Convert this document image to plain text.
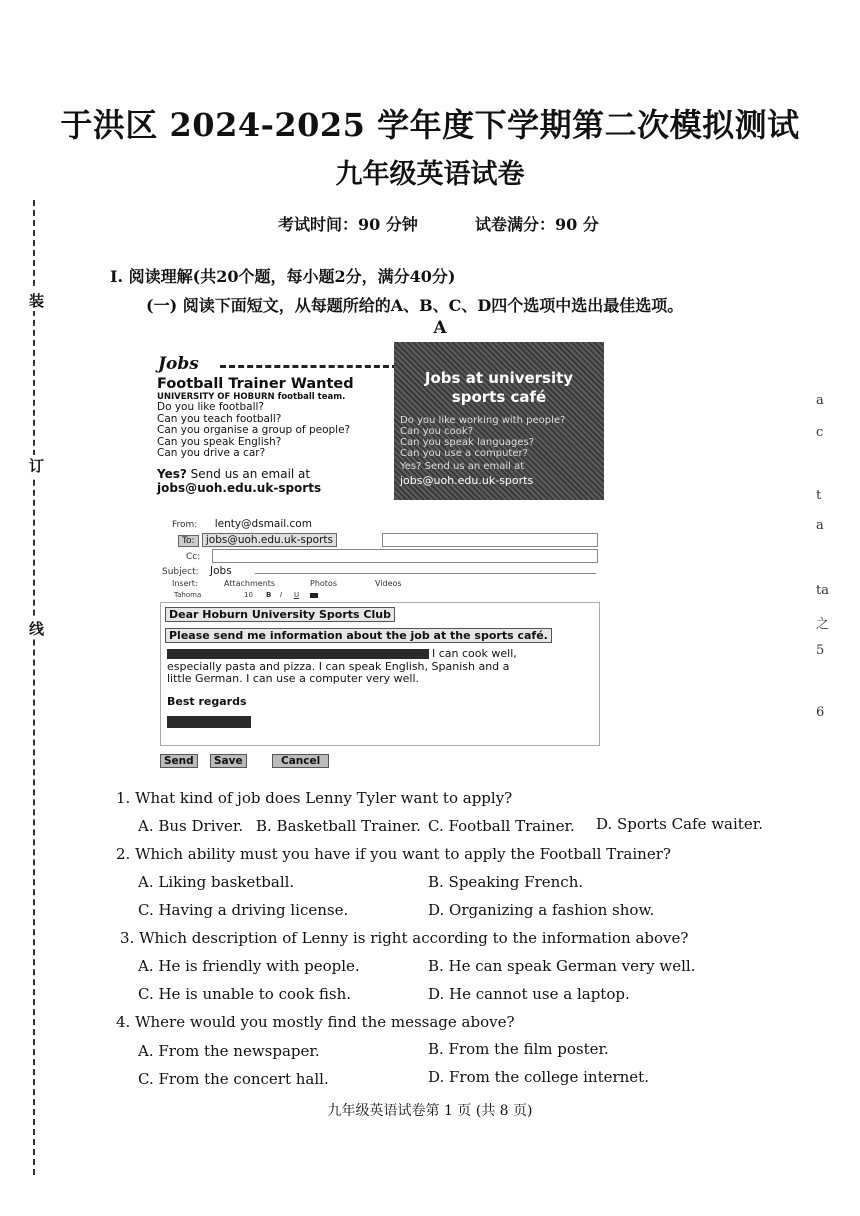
装
订
线
a
c
t
a
ta
之
5
6
于洪区 2024-2025 学年度下学期第二次模拟测试
九年级英语试卷
考试时间：90 分钟	试卷满分：90 分
I. 阅读理解(共20个题，每小题2分，满分40分)
(一) 阅读下面短文，从每题所给的A、B、C、D四个选项中选出最佳选项。
A
Jobs
Football Trainer Wanted
UNIVERSITY OF HOBURN football team.
Do you like football?
Can you teach football?
Can you organise a group of people?
Can you speak English?
Can you drive a car?
Yes? Send us an email at
jobs@uoh.edu.uk-sports
Jobs at university
sports café
Do you like working with people?
Can you cook?
Can you speak languages?
Can you use a computer?
Yes? Send us an email at
jobs@uoh.edu.uk-sports
From: lenty@dsmail.com
To: jobs@uoh.edu.uk-sports
Cc:
Subject: Jobs
Insert:	Attachments	Photos	Videos
Tahoma	10 B I U
Dear Hoburn University Sports Club
Please send me information about the job at the sports café.
I can cook well,
especially pasta and pizza. I can speak English, Spanish and a
little German. I can use a computer very well.
Best regards
Send	Save	Cancel
1. What kind of job does Lenny Tyler want to apply?
A. Bus Driver. B. Basketball Trainer. C. Football Trainer. D. Sports Cafe waiter.
2. Which ability must you have if you want to apply the Football Trainer?
A. Liking basketball.	B. Speaking French.
C. Having a driving license.	D. Organizing a fashion show.
3. Which description of Lenny is right according to the information above?
A. He is friendly with people.	B. He can speak German very well.
C. He is unable to cook fish.	D. He cannot use a laptop.
4. Where would you mostly find the message above?
A. From the newspaper.	B. From the film poster.
C. From the concert hall.	D. From the college internet.
九年级英语试卷第 1 页 (共 8 页)
